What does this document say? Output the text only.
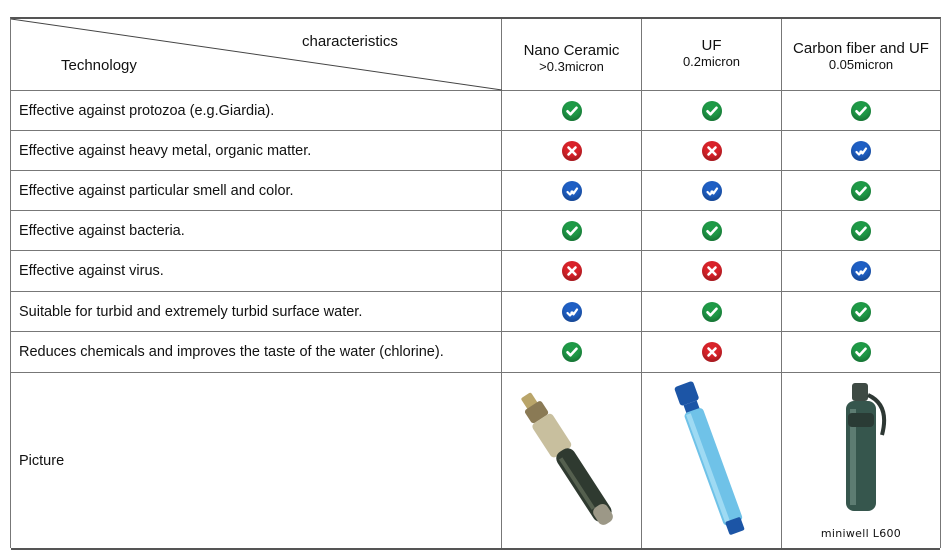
characteristics
Technology
Nano Ceramic
>0.3micron
UF
0.2micron
Carbon fiber and UF
0.05micron
Effective against protozoa (e.g.Giardia).
Effective against heavy metal, organic matter.
Effective against particular smell and color.
Effective against bacteria.
Effective against virus.
Suitable for turbid and extremely turbid surface water.
Reduces chemicals and improves the taste of the water (chlorine).
Picture
miniwell L600
